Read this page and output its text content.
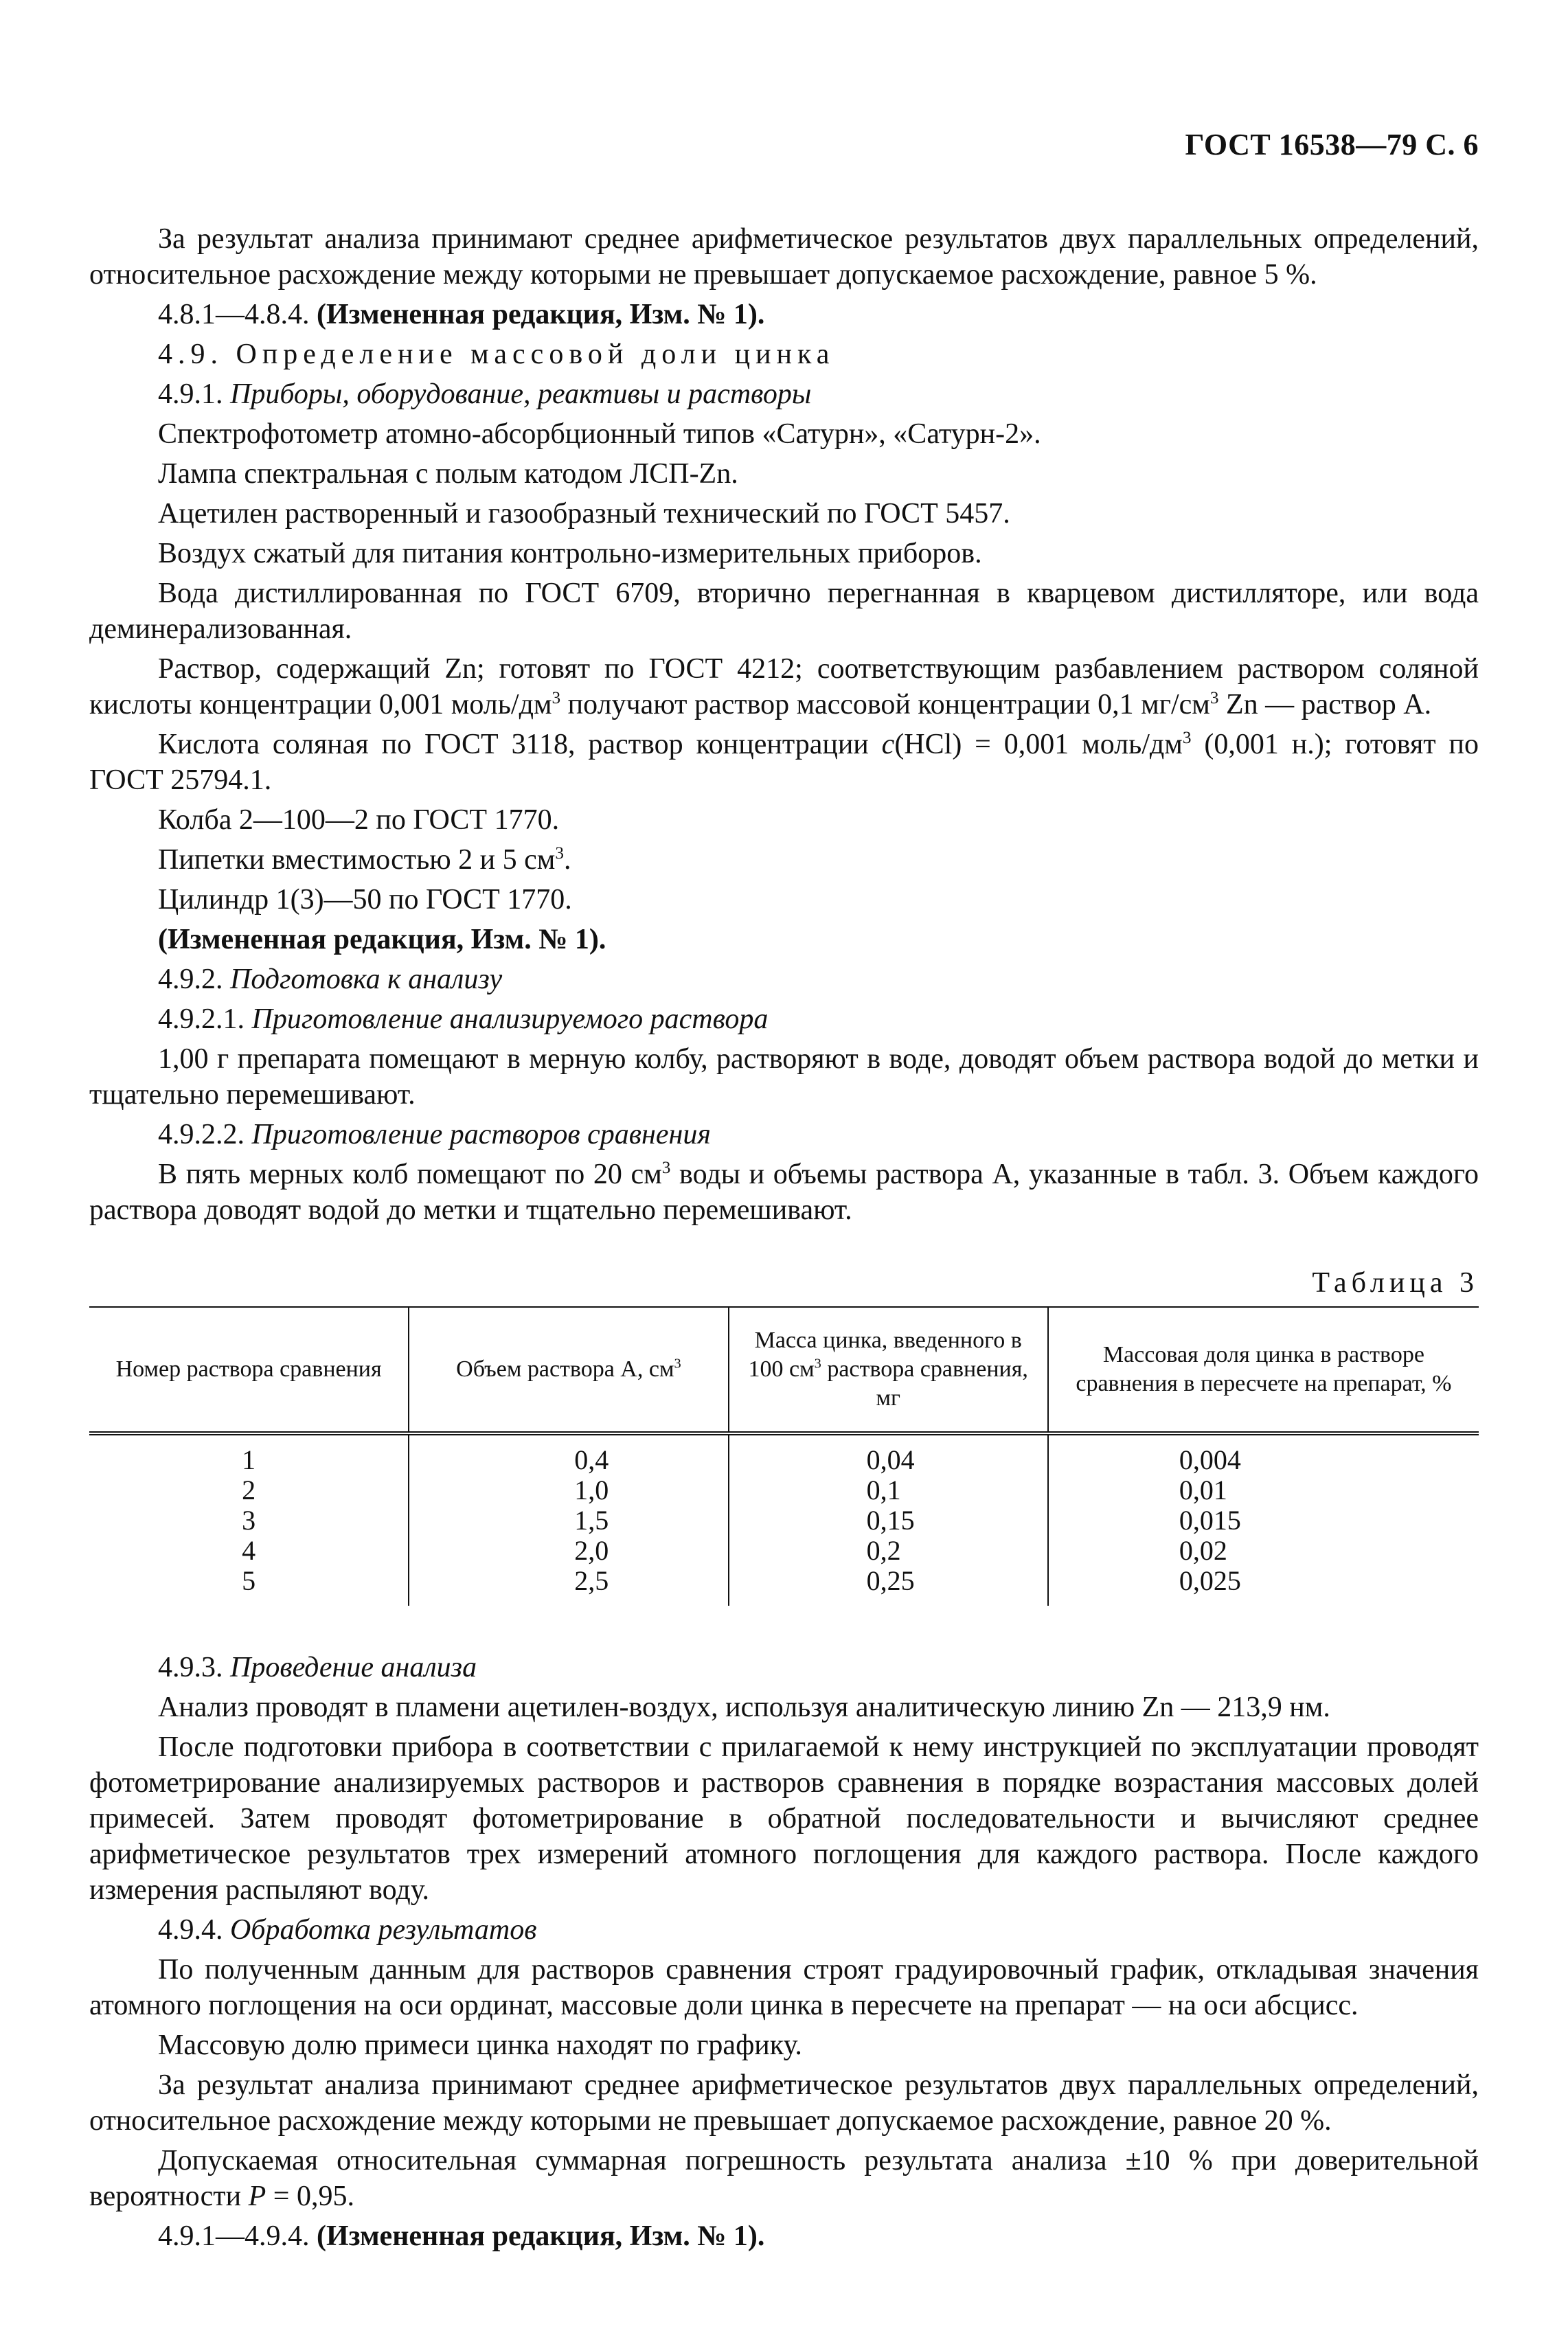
ГОСТ 16538—79 С. 6

За результат анализа принимают среднее арифметическое результатов двух параллельных определений, относительное расхождение между которыми не превышает допускаемое расхождение, равное 5 %.

4.8.1—4.8.4. (Измененная редакция, Изм. № 1).

4.9. Определение массовой доли цинка

4.9.1. Приборы, оборудование, реактивы и растворы

Спектрофотометр атомно-абсорбционный типов «Сатурн», «Сатурн-2».

Лампа спектральная с полым катодом ЛСП-Zn.

Ацетилен растворенный и газообразный технический по ГОСТ 5457.

Воздух сжатый для питания контрольно-измерительных приборов.

Вода дистиллированная по ГОСТ 6709, вторично перегнанная в кварцевом дистилляторе, или вода деминерализованная.

Раствор, содержащий Zn; готовят по ГОСТ 4212; соответствующим разбавлением раствором соляной кислоты концентрации 0,001 моль/$дм^3$ получают раствор массовой концентрации 0,1 $мг/см^3$ Zn — раствор А.

Кислота соляная по ГОСТ 3118, раствор концентрации c(HCl) = 0,001 моль/$дм^3$ (0,001 н.); готовят по ГОСТ 25794.1.

Колба 2—100—2 по ГОСТ 1770.

Пипетки вместимостью 2 и 5 $см^3$.

Цилиндр 1(3)—50 по ГОСТ 1770.

(Измененная редакция, Изм. № 1).

4.9.2. Подготовка к анализу

4.9.2.1. Приготовление анализируемого раствора

1,00 г препарата помещают в мерную колбу, растворяют в воде, доводят объем раствора водой до метки и тщательно перемешивают.

4.9.2.2. Приготовление растворов сравнения

В пять мерных колб помещают по 20 $см^3$ воды и объемы раствора А, указанные в табл. 3. Объем каждого раствора доводят водой до метки и тщательно перемешивают.

Таблица 3
Номер раствора сравнения	Объем раствора А, $см^3$	Масса цинка, введенного в 100 $см^3$ раствора сравнения, мг	Массовая доля цинка в растворе сравнения в пересчете на препарат, %
1	0,4	0,04	0,004
2	1,0	0,1	0,01
3	1,5	0,15	0,015
4	2,0	0,2	0,02
5	2,5	0,25	0,025

4.9.3. Проведение анализа

Анализ проводят в пламени ацетилен-воздух, используя аналитическую линию Zn — 213,9 нм.

После подготовки прибора в соответствии с прилагаемой к нему инструкцией по эксплуатации проводят фотометрирование анализируемых растворов и растворов сравнения в порядке возрастания массовых долей примесей. Затем проводят фотометрирование в обратной последовательности и вычисляют среднее арифметическое результатов трех измерений атомного поглощения для каждого раствора. После каждого измерения распыляют воду.

4.9.4. Обработка результатов

По полученным данным для растворов сравнения строят градуировочный график, откладывая значения атомного поглощения на оси ординат, массовые доли цинка в пересчете на препарат — на оси абсцисс.

Массовую долю примеси цинка находят по графику.

За результат анализа принимают среднее арифметическое результатов двух параллельных определений, относительное расхождение между которыми не превышает допускаемое расхождение, равное 20 %.

Допускаемая относительная суммарная погрешность результата анализа ±10 % при доверительной вероятности P = 0,95.

4.9.1—4.9.4. (Измененная редакция, Изм. № 1).
